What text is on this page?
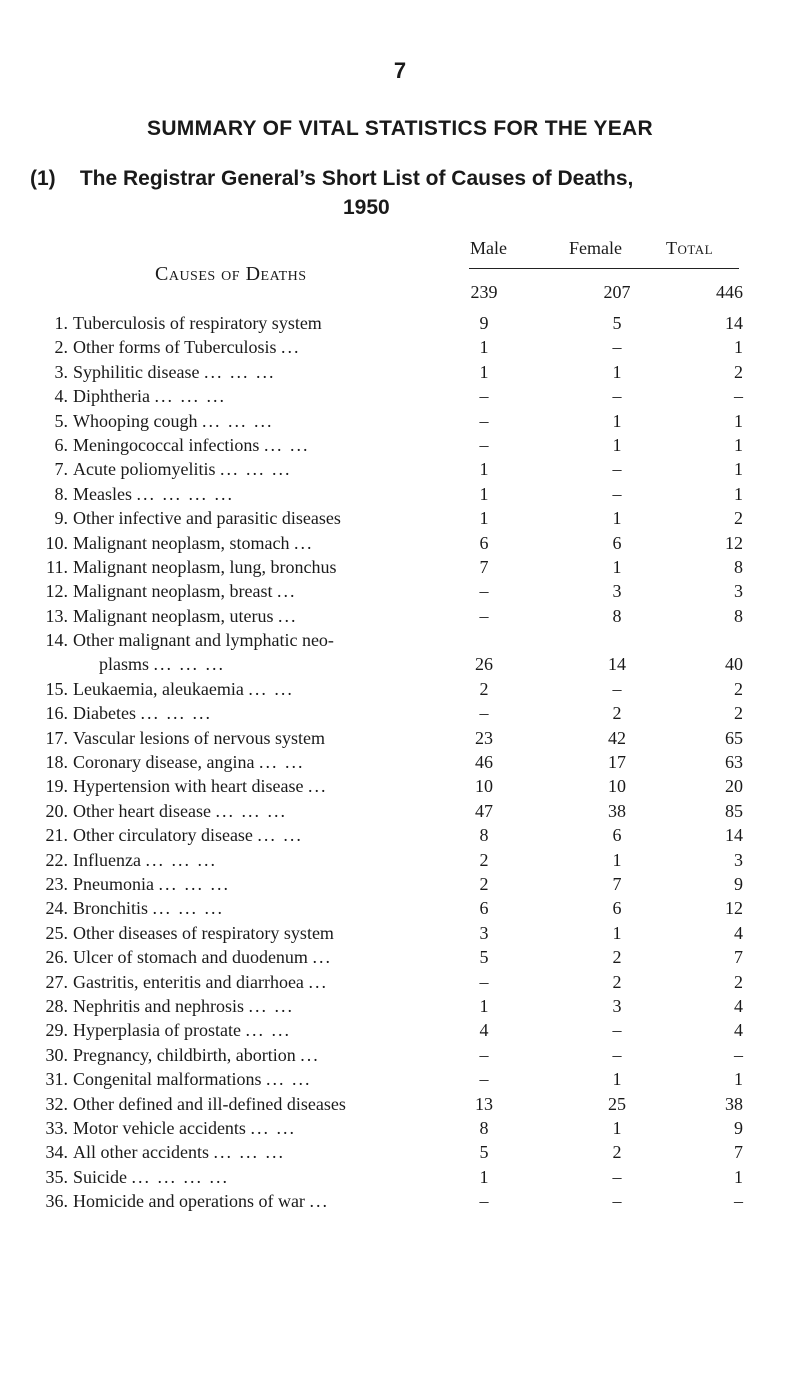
7
SUMMARY OF VITAL STATISTICS FOR THE YEAR
(1) The Registrar General’s Short List of Causes of Deaths,
1950
Male	Female Total
Causes of Deaths
239	207	446
1. Tuberculosis of respiratory system	9	5	14
2. Other forms of Tuberculosis ...	1	–	1
3. Syphilitic disease ... ... ...	1	1	2
4. Diphtheria ... ... ...	–	–	–
5. Whooping cough ... ... ...	–	1	1
6. Meningococcal infections ... ...	–	1	1
7. Acute poliomyelitis ... ... ...	1	–	1
8. Measles ... ... ... ...	1	–	1
9. Other infective and parasitic diseases	1	1	2
10. Malignant neoplasm, stomach ...	6	6	12
11. Malignant neoplasm, lung, bronchus	7	1	8
12. Malignant neoplasm, breast ...	–	3	3
13. Malignant neoplasm, uterus ...	–	8	8
14. Other malignant and lymphatic neo-
plasms ... ... ...	26	14	40
15. Leukaemia, aleukaemia ... ...	2	–	2
16. Diabetes ... ... ...	–	2	2
17. Vascular lesions of nervous system	23	42	65
18. Coronary disease, angina ... ...	46	17	63
19. Hypertension with heart disease ...	10	10	20
20. Other heart disease ... ... ...	47	38	85
21. Other circulatory disease ... ...	8	6	14
22. Influenza ... ... ...	2	1	3
23. Pneumonia ... ... ...	2	7	9
24. Bronchitis ... ... ...	6	6	12
25. Other diseases of respiratory system	3	1	4
26. Ulcer of stomach and duodenum ...	5	2	7
27. Gastritis, enteritis and diarrhoea ...	–	2	2
28. Nephritis and nephrosis ... ...	1	3	4
29. Hyperplasia of prostate ... ...	4	–	4
30. Pregnancy, childbirth, abortion ...	–	–	–
31. Congenital malformations ... ...	–	1	1
32. Other defined and ill-defined diseases	13	25	38
33. Motor vehicle accidents ... ...	8	1	9
34. All other accidents ... ... ...	5	2	7
35. Suicide ... ... ... ...	1	–	1
36. Homicide and operations of war ...	–	–	–
